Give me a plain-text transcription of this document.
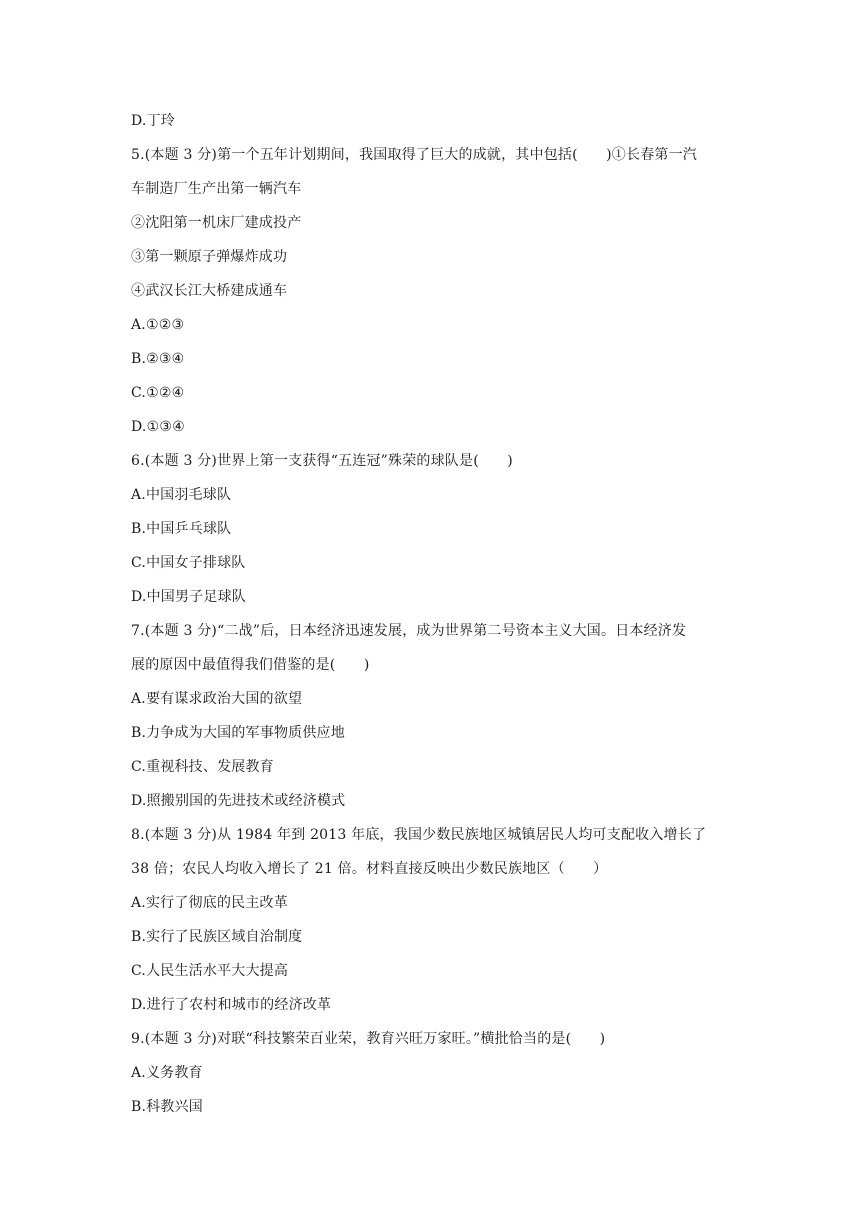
D.丁玲
5.(本题 3 分)第一个五年计划期间，我国取得了巨大的成就，其中包括(　　)①长春第一汽
车制造厂生产出第一辆汽车
②沈阳第一机床厂建成投产
③第一颗原子弹爆炸成功
④武汉长江大桥建成通车
A.①②③
B.②③④
C.①②④
D.①③④
6.(本题 3 分)世界上第一支获得“五连冠”殊荣的球队是(　　)
A.中国羽毛球队
B.中国乒乓球队
C.中国女子排球队
D.中国男子足球队
7.(本题 3 分)“二战”后，日本经济迅速发展，成为世界第二号资本主义大国。日本经济发
展的原因中最值得我们借鉴的是(　　)
A.要有谋求政治大国的欲望
B.力争成为大国的军事物质供应地
C.重视科技、发展教育
D.照搬别国的先进技术或经济模式
8.(本题 3 分)从 1984 年到 2013 年底，我国少数民族地区城镇居民人均可支配收入增长了
38 倍；农民人均收入增长了 21 倍。材料直接反映出少数民族地区（　　）
A.实行了彻底的民主改革
B.实行了民族区域自治制度
C.人民生活水平大大提高
D.进行了农村和城市的经济改革
9.(本题 3 分)对联“科技繁荣百业荣，教育兴旺万家旺。”横批恰当的是(　　)
A.义务教育
B.科教兴国
